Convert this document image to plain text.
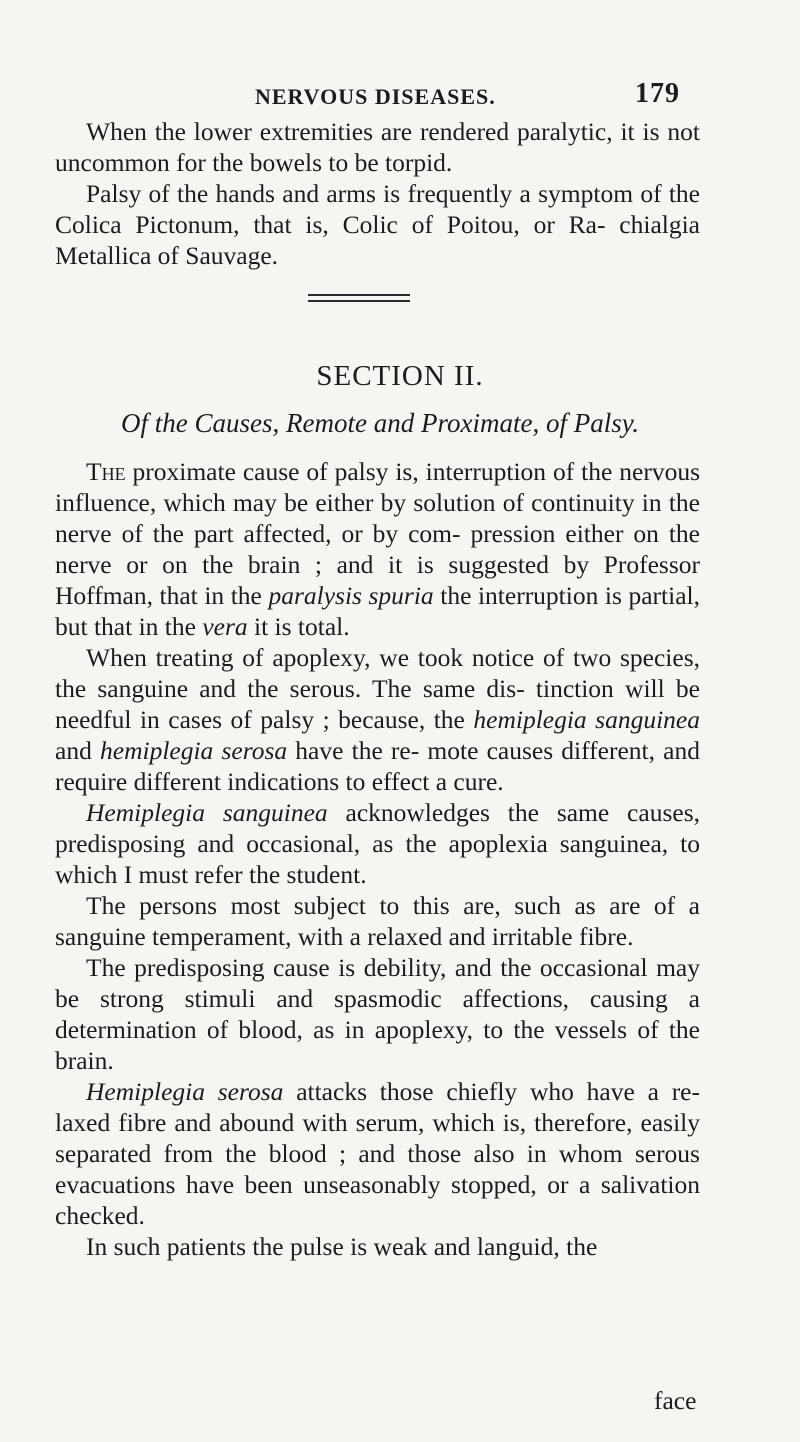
NERVOUS DISEASES.	179

When the lower extremities are rendered paralytic, it is not uncommon for the bowels to be torpid.

Palsy of the hands and arms is frequently a symptom of the Colica Pictonum, that is, Colic of Poitou, or Ra- chialgia Metallica of Sauvage.

SECTION II.
Of the Causes, Remote and Proximate, of Palsy.

The proximate cause of palsy is, interruption of the nervous influence, which may be either by solution of continuity in the nerve of the part affected, or by com- pression either on the nerve or on the brain ; and it is suggested by Professor Hoffman, that in the paralysis spuria the interruption is partial, but that in the vera it is total.

When treating of apoplexy, we took notice of two species, the sanguine and the serous. The same dis- tinction will be needful in cases of palsy ; because, the hemiplegia sanguinea and hemiplegia serosa have the re- mote causes different, and require different indications to effect a cure.

Hemiplegia sanguinea acknowledges the same causes, predisposing and occasional, as the apoplexia sanguinea, to which I must refer the student.

The persons most subject to this are, such as are of a sanguine temperament, with a relaxed and irritable fibre.

The predisposing cause is debility, and the occasional may be strong stimuli and spasmodic affections, causing a determination of blood, as in apoplexy, to the vessels of the brain.

Hemiplegia serosa attacks those chiefly who have a re- laxed fibre and abound with serum, which is, therefore, easily separated from the blood ; and those also in whom serous evacuations have been unseasonably stopped, or a salivation checked.

In such patients the pulse is weak and languid, the

face
